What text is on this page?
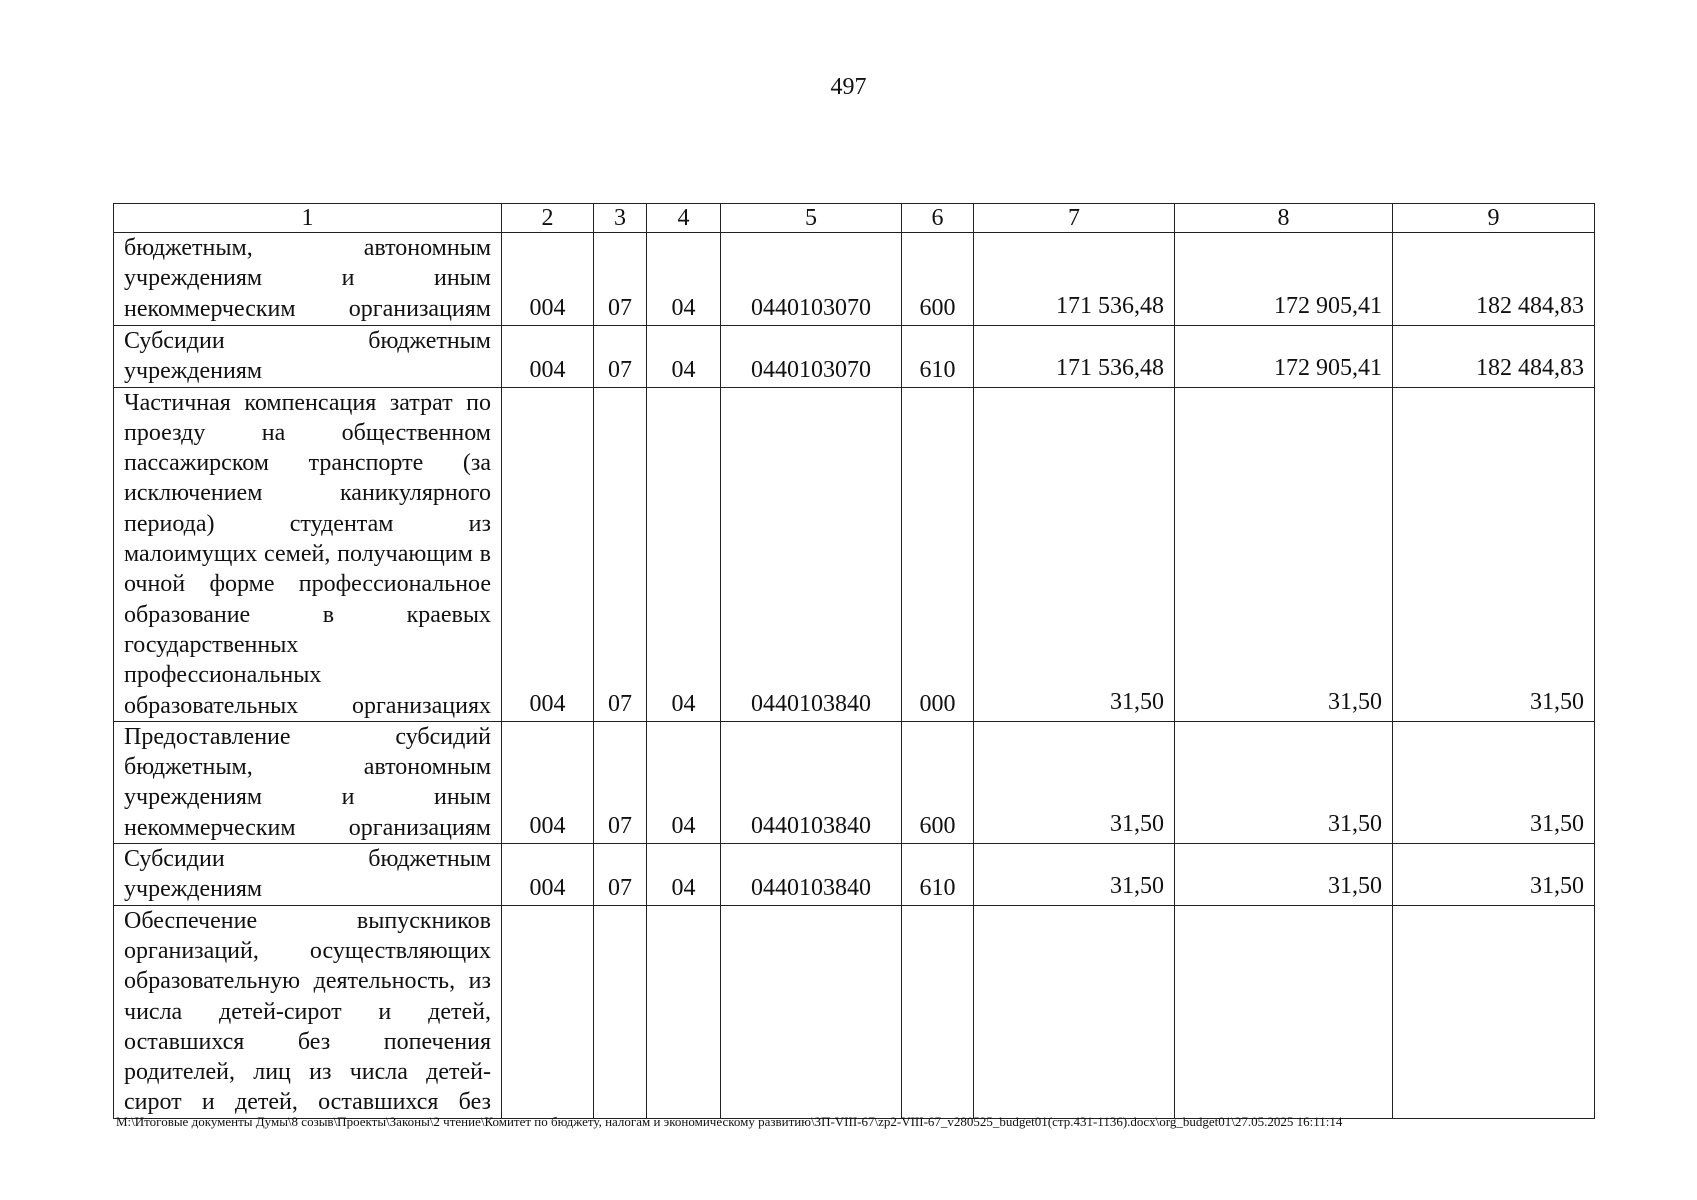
497
1	2	3	4	5	6	7	8	9
бюджетным, автономным учреждениям и иным некоммерческим организациям	004	07	04	0440103070	600	171 536,48	172 905,41	182 484,83
Субсидии бюджетным учреждениям	004	07	04	0440103070	610	171 536,48	172 905,41	182 484,83
Частичная компенсация затрат по проезду на общественном пассажирском транспорте (за исключением каникулярного периода) студентам из малоимущих семей, получающим в очной форме профессиональное образование в краевых государственных профессиональных образовательных организациях	004	07	04	0440103840	000	31,50	31,50	31,50
Предоставление субсидий бюджетным, автономным учреждениям и иным некоммерческим организациям	004	07	04	0440103840	600	31,50	31,50	31,50
Субсидии бюджетным учреждениям	004	07	04	0440103840	610	31,50	31,50	31,50
Обеспечение выпускников организаций, осуществляющих образовательную деятельность, из числа детей-сирот и детей, оставшихся без попечения родителей, лиц из числа детей-сирот и детей, оставшихся без								
M:\Итоговые документы Думы\8 созыв\Проекты\Законы\2 чтение\Комитет по бюджету, налогам и экономическому развитию\ЗП-VIII-67\zp2-VIII-67_v280525_budget01(стр.431-1136).docx\org_budget01\27.05.2025 16:11:14
